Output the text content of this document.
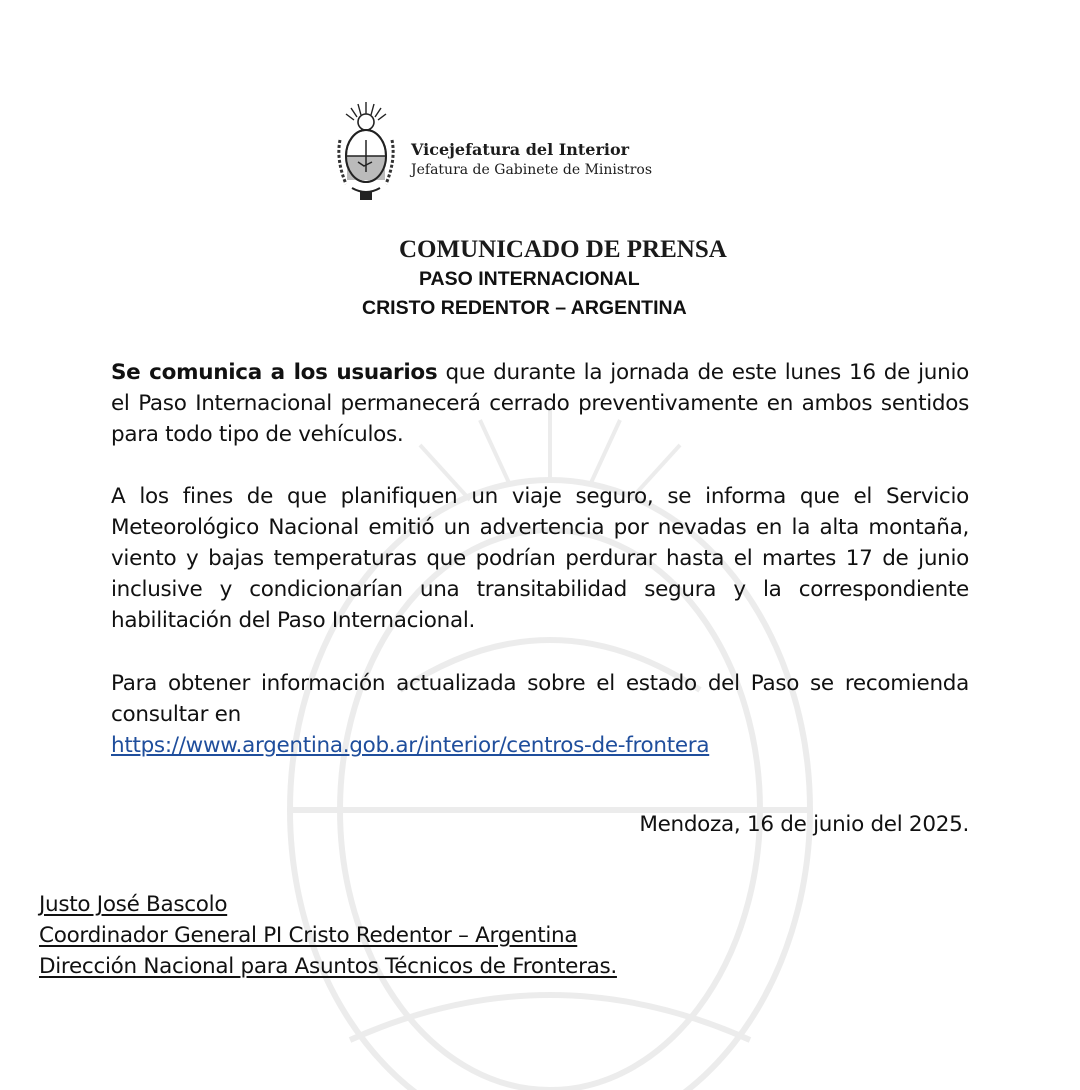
Vicejefatura del Interior
Jefatura de Gabinete de Ministros
COMUNICADO DE PRENSA
PASO INTERNACIONAL
CRISTO REDENTOR – ARGENTINA
Se comunica a los usuarios que durante la jornada de este lunes 16 de junio el Paso Internacional permanecerá cerrado preventivamente en ambos sentidos para todo tipo de vehículos.
A los fines de que planifiquen un viaje seguro, se informa que el Servicio Meteorológico Nacional emitió un advertencia por nevadas en la alta montaña, viento y bajas temperaturas que podrían perdurar hasta el martes 17 de junio inclusive y condicionarían una transitabilidad segura y la correspondiente habilitación del Paso Internacional.
Para obtener información actualizada sobre el estado del Paso se recomienda consultar en
https://www.argentina.gob.ar/interior/centros-de-frontera
Mendoza, 16 de junio del 2025.
Justo José Bascolo
Coordinador General PI Cristo Redentor – Argentina
Dirección Nacional para Asuntos Técnicos de Fronteras.
